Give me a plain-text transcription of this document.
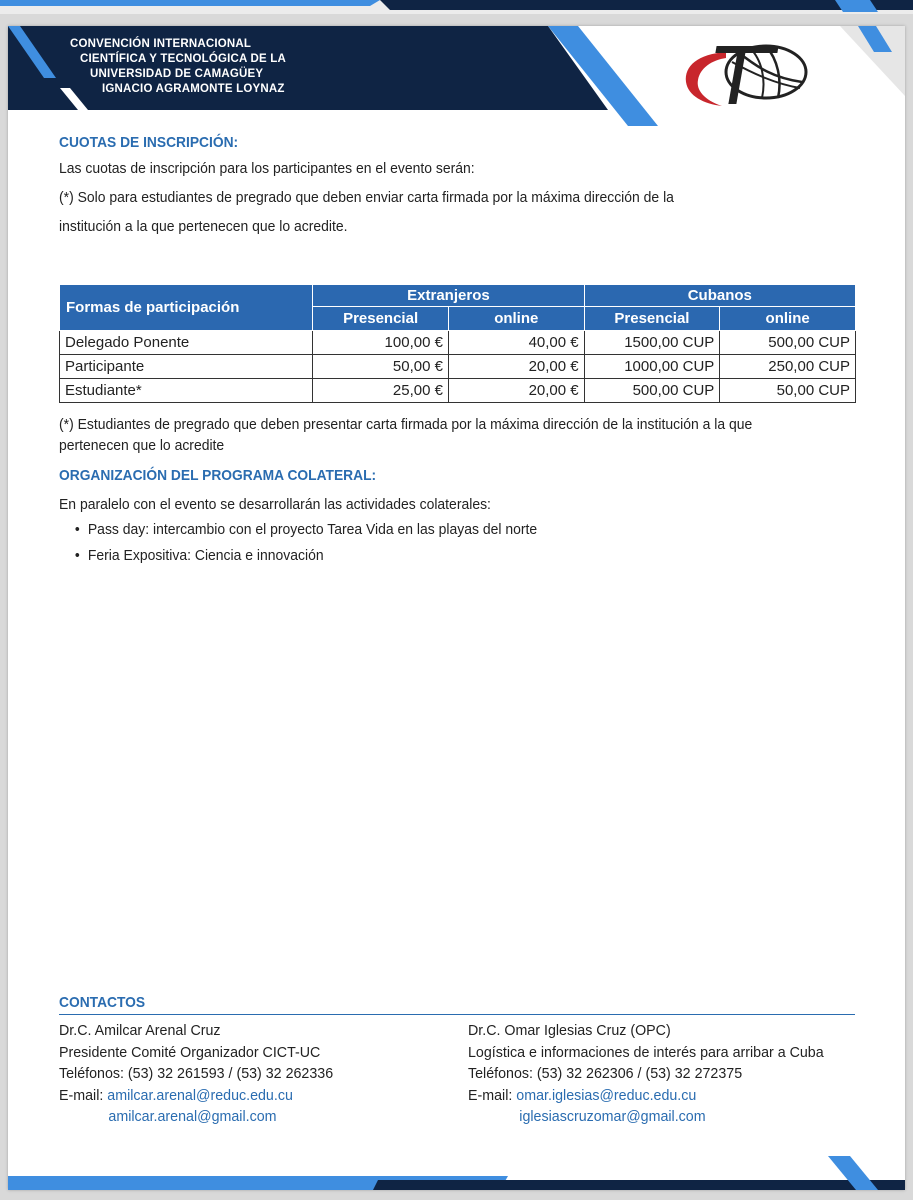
CONVENCIÓN INTERNACIONAL
CIENTÍFICA Y TECNOLÓGICA DE LA
UNIVERSIDAD DE CAMAGÜEY
IGNACIO AGRAMONTE LOYNAZ
CUOTAS DE INSCRIPCIÓN:

Las cuotas de inscripción para los participantes en el evento serán:

(*) Solo para estudiantes de pregrado que deben enviar carta firmada por la máxima dirección de la

institución a la que pertenecen que lo acredite.

Formas de participación	Extranjeros		Cubanos	
	Presencial	online	Presencial	online
Delegado Ponente	100,00 €	40,00 €	1500,00 CUP	500,00 CUP
Participante	50,00 €	20,00 €	1000,00 CUP	250,00 CUP
Estudiante*	25,00 €	20,00 €	500,00 CUP	50,00 CUP

(*) Estudiantes de pregrado que deben presentar carta firmada por la máxima dirección de la institución a la que
pertenecen que lo acredite

ORGANIZACIÓN DEL PROGRAMA COLATERAL:

En paralelo con el evento se desarrollarán las actividades colaterales:

• Pass day: intercambio con el proyecto Tarea Vida en las playas del norte
• Feria Expositiva: Ciencia e innovación
CONTACTOS
Dr.C. Amilcar Arenal Cruz
Presidente Comité Organizador CICT-UC
Teléfonos: (53) 32 261593 / (53) 32 262336
E-mail: amilcar.arenal@reduc.edu.cu
amilcar.arenal@gmail.com
Dr.C. Omar Iglesias Cruz (OPC)
Logística e informaciones de interés para arribar a Cuba
Teléfonos: (53) 32 262306 / (53) 32 272375
E-mail: omar.iglesias@reduc.edu.cu
iglesiascruzomar@gmail.com
